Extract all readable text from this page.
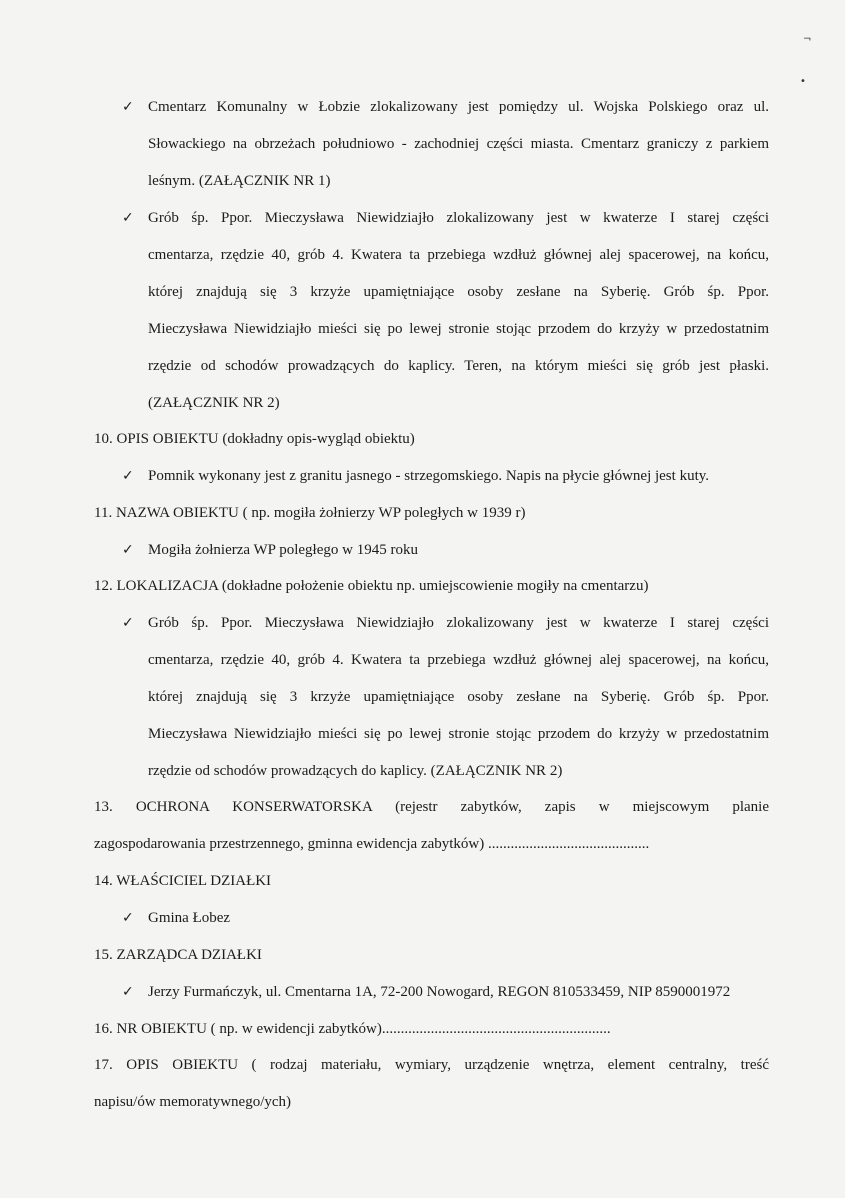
¬
•
✓ Cmentarz Komunalny w Łobzie zlokalizowany jest pomiędzy ul. Wojska Polskiego oraz ul.
Słowackiego na obrzeżach południowo - zachodniej części miasta. Cmentarz graniczy z parkiem
leśnym. (ZAŁĄCZNIK NR 1)
✓ Grób śp. Ppor. Mieczysława Niewidziajło zlokalizowany jest w kwaterze I starej części
cmentarza, rzędzie 40, grób 4. Kwatera ta przebiega wzdłuż głównej alej spacerowej, na końcu,
której znajdują się 3 krzyże upamiętniające osoby zesłane na Syberię. Grób śp. Ppor.
Mieczysława Niewidziajło mieści się po lewej stronie stojąc przodem do krzyży w przedostatnim
rzędzie od schodów prowadzących do kaplicy. Teren, na którym mieści się grób jest płaski.
(ZAŁĄCZNIK NR 2)
10. OPIS OBIEKTU (dokładny opis-wygląd obiektu)
✓ Pomnik wykonany jest z granitu jasnego - strzegomskiego. Napis na płycie głównej jest kuty.
11. NAZWA OBIEKTU ( np. mogiła żołnierzy WP poległych w 1939 r)
✓ Mogiła żołnierza WP poległego w 1945 roku
12. LOKALIZACJA (dokładne położenie obiektu np. umiejscowienie mogiły na cmentarzu)
✓ Grób śp. Ppor. Mieczysława Niewidziajło zlokalizowany jest w kwaterze I starej części
cmentarza, rzędzie 40, grób 4. Kwatera ta przebiega wzdłuż głównej alej spacerowej, na końcu,
której znajdują się 3 krzyże upamiętniające osoby zesłane na Syberię. Grób śp. Ppor.
Mieczysława Niewidziajło mieści się po lewej stronie stojąc przodem do krzyży w przedostatnim
rzędzie od schodów prowadzących do kaplicy. (ZAŁĄCZNIK NR 2)
13. OCHRONA KONSERWATORSKA (rejestr zabytków, zapis w miejscowym planie
zagospodarowania przestrzennego, gminna ewidencja zabytków) ...........................................
14. WŁAŚCICIEL DZIAŁKI
✓ Gmina Łobez
15. ZARZĄDCA DZIAŁKI
✓ Jerzy Furmańczyk, ul. Cmentarna 1A, 72-200 Nowogard, REGON 810533459, NIP 8590001972
16. NR OBIEKTU ( np. w ewidencji zabytków).............................................................
17. OPIS OBIEKTU ( rodzaj materiału, wymiary, urządzenie wnętrza, element centralny, treść
napisu/ów memoratywnego/ych)
